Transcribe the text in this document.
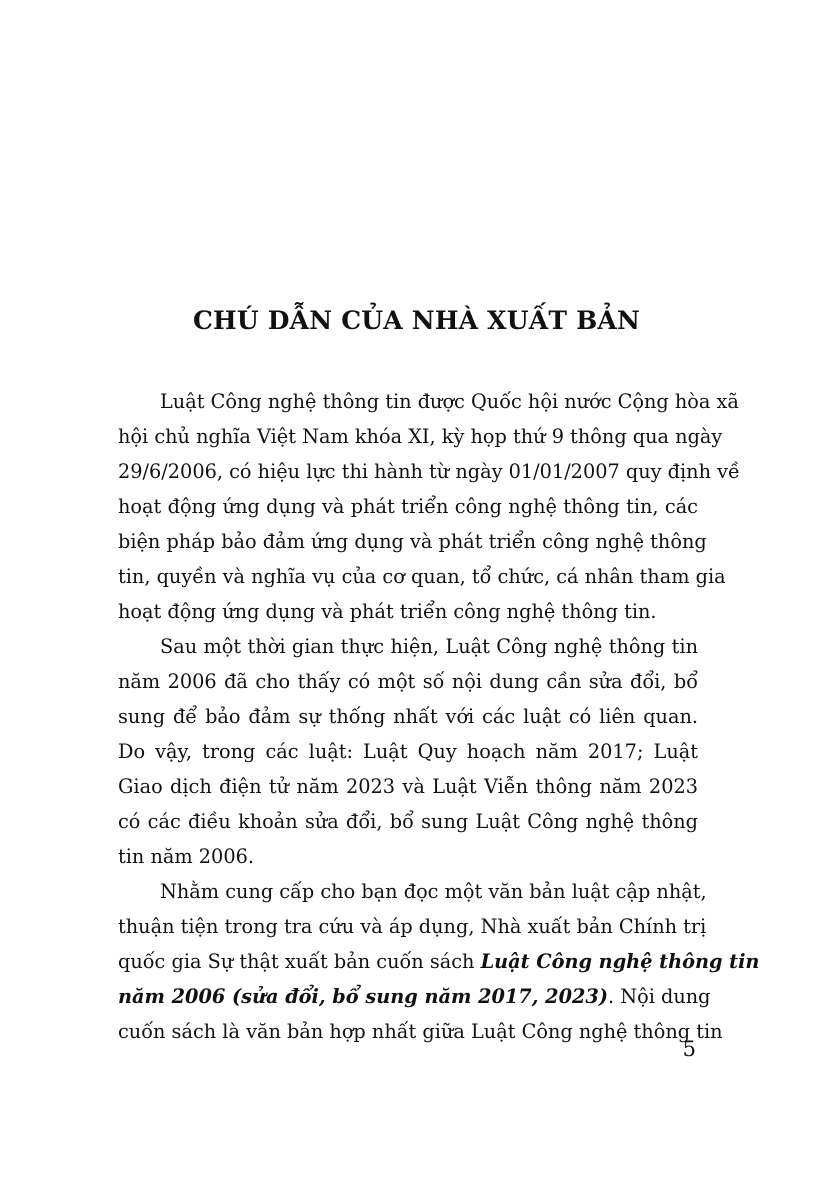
CHÚ DẪN CỦA NHÀ XUẤT BẢN
Luật Công nghệ thông tin được Quốc hội nước Cộng hòa xã
hội chủ nghĩa Việt Nam khóa XI, kỳ họp thứ 9 thông qua ngày
29/6/2006, có hiệu lực thi hành từ ngày 01/01/2007 quy định về
hoạt động ứng dụng và phát triển công nghệ thông tin, các
biện pháp bảo đảm ứng dụng và phát triển công nghệ thông
tin, quyền và nghĩa vụ của cơ quan, tổ chức, cá nhân tham gia
hoạt động ứng dụng và phát triển công nghệ thông tin.
Sau một thời gian thực hiện, Luật Công nghệ thông tin
năm 2006 đã cho thấy có một số nội dung cần sửa đổi, bổ
sung để bảo đảm sự thống nhất với các luật có liên quan.
Do vậy, trong các luật: Luật Quy hoạch năm 2017; Luật
Giao dịch điện tử năm 2023 và Luật Viễn thông năm 2023
có các điều khoản sửa đổi, bổ sung Luật Công nghệ thông
tin năm 2006.
Nhằm cung cấp cho bạn đọc một văn bản luật cập nhật,
thuận tiện trong tra cứu và áp dụng, Nhà xuất bản Chính trị
quốc gia Sự thật xuất bản cuốn sách Luật Công nghệ thông tin
năm 2006 (sửa đổi, bổ sung năm 2017, 2023). Nội dung
cuốn sách là văn bản hợp nhất giữa Luật Công nghệ thông tin

5
